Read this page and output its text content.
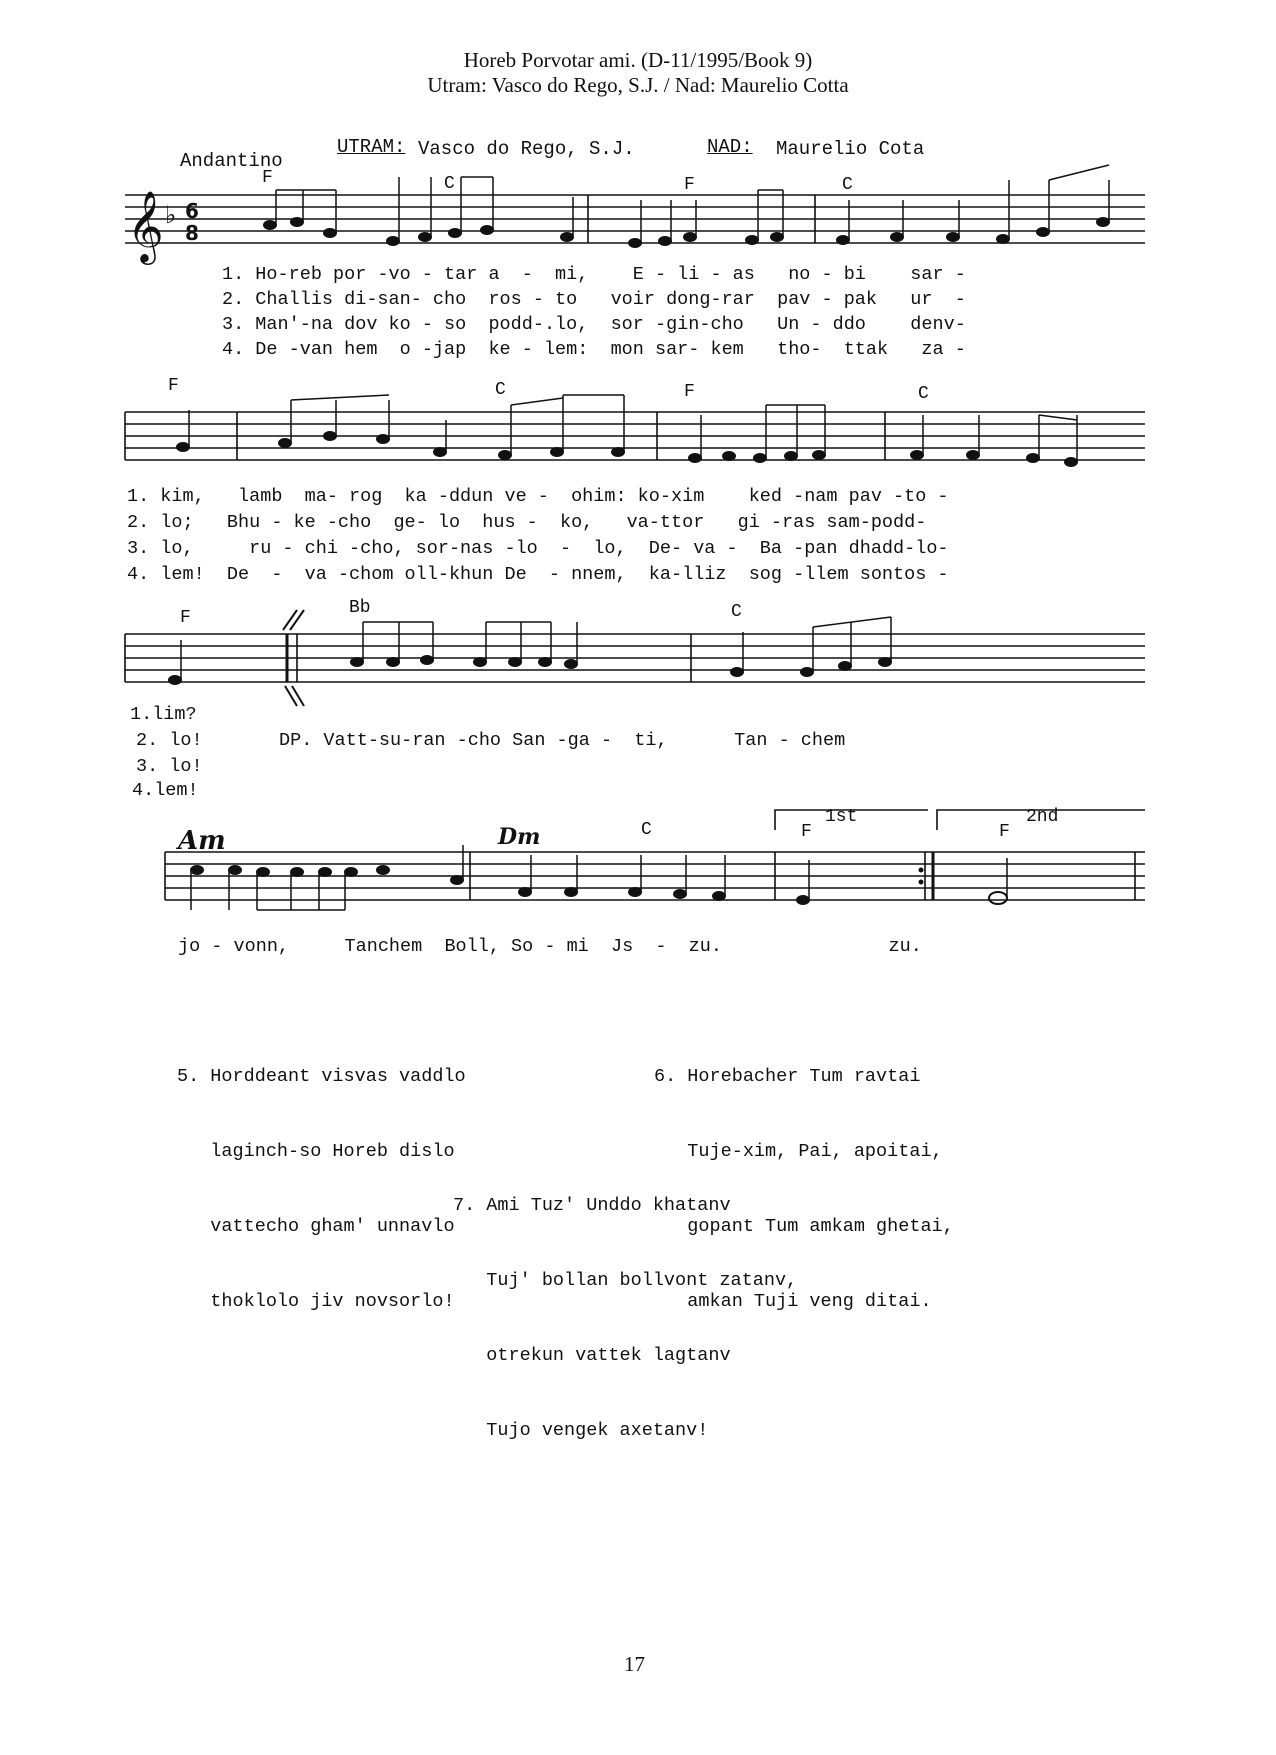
Horeb Porvotar ami. (D-11/1995/Book 9)
Utram: Vasco do Rego, S.J. / Nad: Maurelio Cotta
Andantino
UTRAM: Vasco do Rego, S.J.	NAD: Maurelio Cota
F	C	F	C
𝄞 ♭ 6
8
1. Ho-reb por -vo - tar a  -  mi,    E - li - as   no - bi    sar -
2. Challis di-san- cho  ros - to   voir dong-rar  pav - pak   ur  -
3. Man'-na dov ko - so  podd-.lo,  sor -gin-cho   Un - ddo    denv-
4. De -van hem  o -jap  ke - lem:  mon sar- kem   tho-  ttak   za -
F	C	F	C
1. kim,   lamb  ma- rog  ka -ddun ve -  ohim: ko-xim    ked -nam pav -to -
2. lo;   Bhu - ke -cho  ge- lo  hus -  ko,   va-ttor   gi -ras sam-podd-
3. lo,     ru - chi -cho, sor-nas -lo  -  lo,  De- va -  Ba -pan dhadd-lo-
4. lem!  De  -  va -chom oll-khun De  - nnem,  ka-lliz  sog -llem sontos -
F	Bb	C
1.lim?
2. lo!
3. lo!
4.lem!
DP. Vatt-su-ran -cho San -ga -  ti,      Tan - chem
Am	Dm	C	F	F
1st	2nd
jo - vonn,     Tanchem  Boll, So - mi  Js  -  zu.               zu.

5. Horddeant visvas vaddlo

laginch-so Horeb dislo

vattecho gham' unnavlo

thoklolo jiv novsorlo!

6. Horebacher Tum ravtai

Tuje-xim, Pai, apoitai,

gopant Tum amkam ghetai,

amkan Tuji veng ditai.

7. Ami Tuz' Unddo khatanv

Tuj' bollan bollvont zatanv,

otrekun vattek lagtanv

Tujo vengek axetanv!

17
